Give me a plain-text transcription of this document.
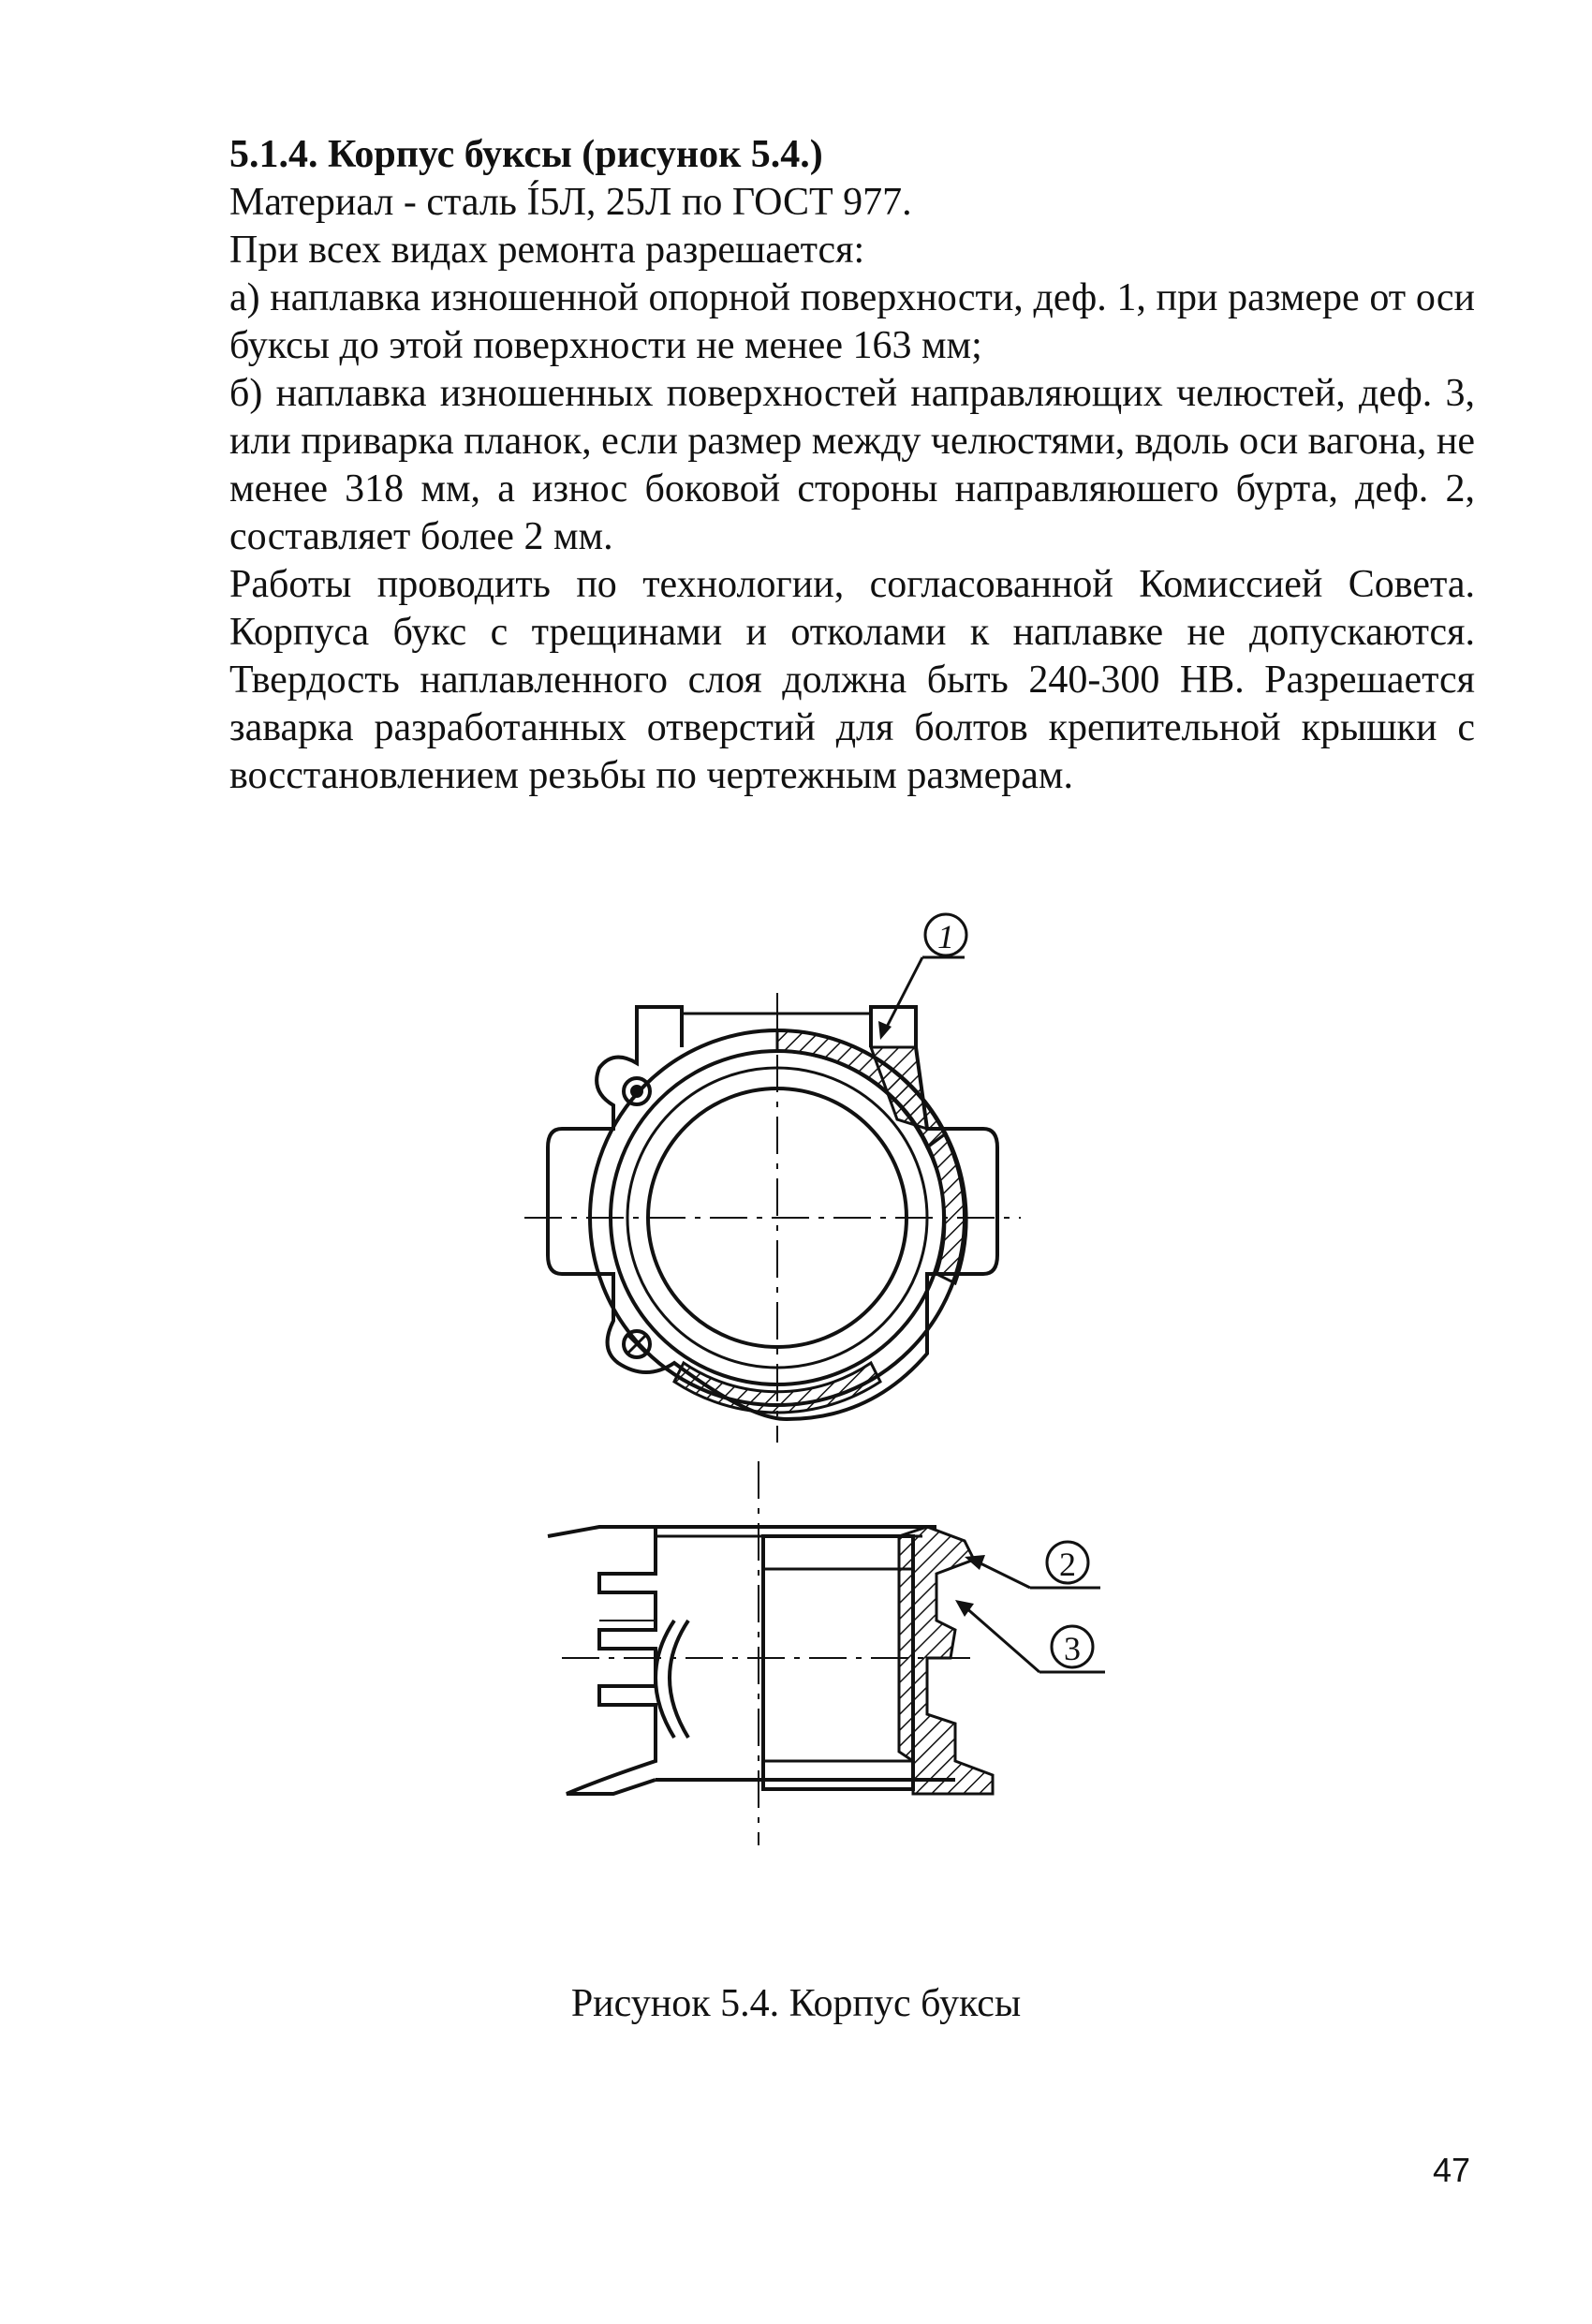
5.1.4. Корпус буксы (рисунок 5.4.)

Материал - сталь Í5Л, 25Л по ГОСТ 977.

При всех видах ремонта разрешается:

а) наплавка изношенной опорной поверхности, деф. 1, при размере от оси буксы до этой поверхности не менее 163 мм;

б) наплавка изношенных поверхностей направляющих челюстей, деф. 3, или приварка планок, если размер между челюстями, вдоль оси вагона, не менее 318 мм, а износ боковой стороны направляюшего бурта, деф. 2, составляет более 2 мм.

Работы проводить по технологии, согласованной Комиссией Совета. Корпуса букс с трещинами и отколами к наплавке не допускаются. Твердость наплавленного слоя должна быть 240-300 НВ. Разрешается заварка разработанных отверстий для болтов крепительной крышки с восстановлением резьбы по чертежным размерам.

1
2
3
Рисунок 5.4. Корпус буксы
47
